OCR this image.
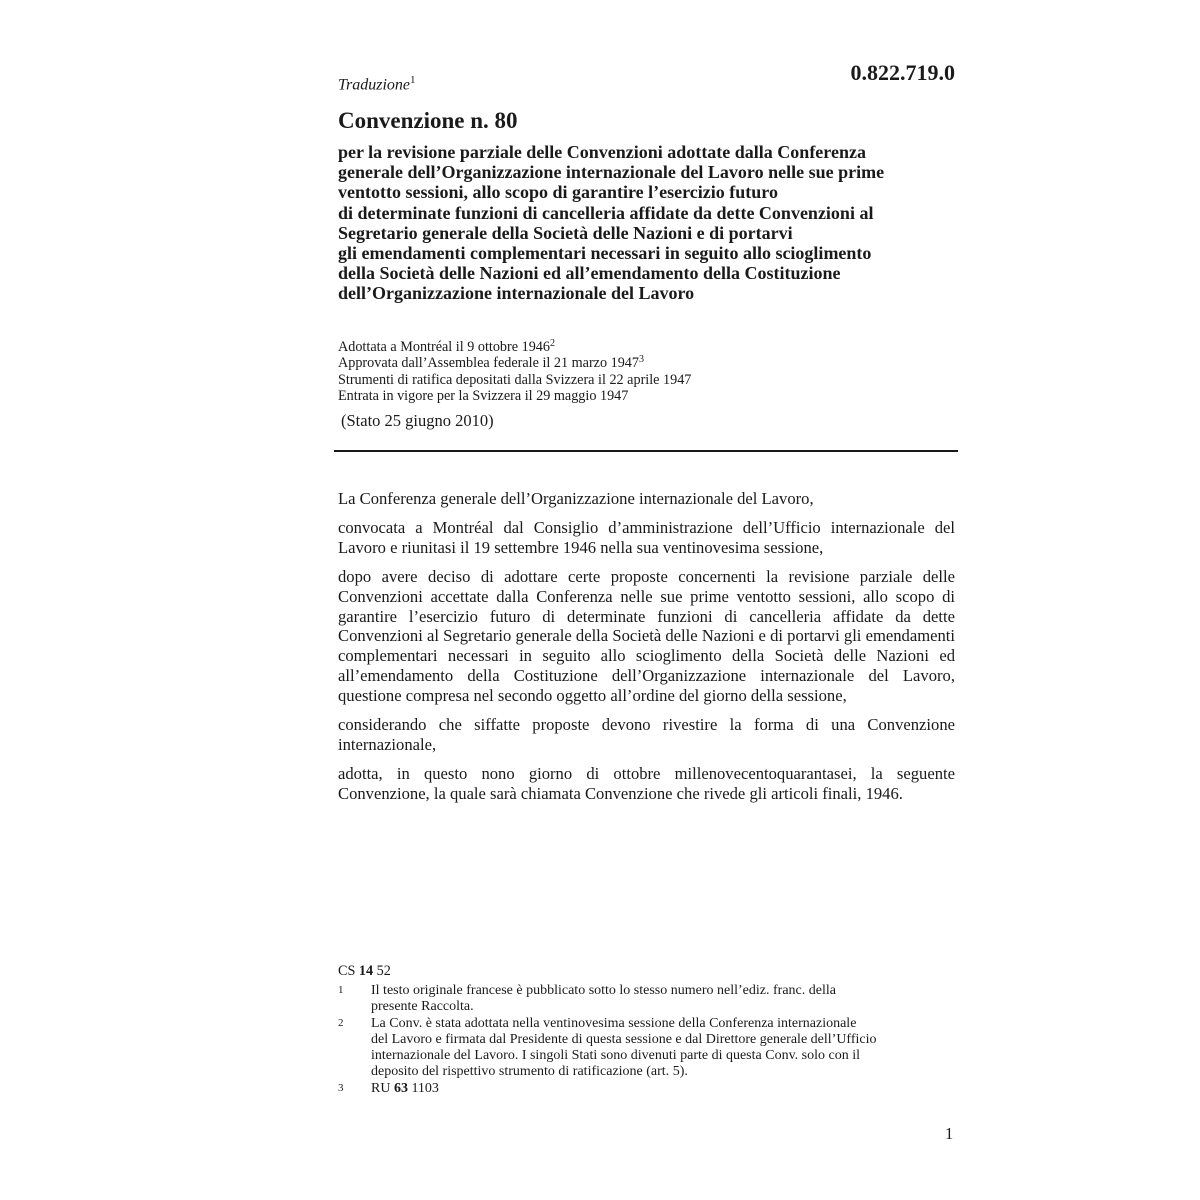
Traduzione$^1$	0.822.719.0
Convenzione n. 80
per la revisione parziale delle Convenzioni adottate dalla Conferenza
generale dell’Organizzazione internazionale del Lavoro nelle sue prime
ventotto sessioni, allo scopo di garantire l’esercizio futuro
di determinate funzioni di cancelleria affidate da dette Convenzioni al
Segretario generale della Società delle Nazioni e di portarvi
gli emendamenti complementari necessari in seguito allo scioglimento
della Società delle Nazioni ed all’emendamento della Costituzione
dell’Organizzazione internazionale del Lavoro
Adottata a Montréal il 9 ottobre 1946$^2$
Approvata dall’Assemblea federale il 21 marzo 1947$^3$
Strumenti di ratifica depositati dalla Svizzera il 22 aprile 1947
Entrata in vigore per la Svizzera il 29 maggio 1947
(Stato 25 giugno 2010)

La Conferenza generale dell’Organizzazione internazionale del Lavoro,

convocata a Montréal dal Consiglio d’amministrazione dell’Ufficio internazionale del Lavoro e riunitasi il 19 settembre 1946 nella sua ventinovesima sessione,

dopo avere deciso di adottare certe proposte concernenti la revisione parziale delle Convenzioni accettate dalla Conferenza nelle sue prime ventotto sessioni, allo scopo di garantire l’esercizio futuro di determinate funzioni di cancelleria affidate da dette Convenzioni al Segretario generale della Società delle Nazioni e di portarvi gli emendamenti complementari necessari in seguito allo scioglimento della Società delle Nazioni ed all’emendamento della Costituzione dell’Organizzazione internazionale del Lavoro, questione compresa nel secondo oggetto all’ordine del giorno della sessione,

considerando che siffatte proposte devono rivestire la forma di una Convenzione internazionale,

adotta, in questo nono giorno di ottobre millenovecentoquarantasei, la seguente Convenzione, la quale sarà chiamata Convenzione che rivede gli articoli finali, 1946.

CS 14 52
1	Il testo originale francese è pubblicato sotto lo stesso numero nell’ediz. franc. della
presente Raccolta.
2	La Conv. è stata adottata nella ventinovesima sessione della Conferenza internazionale
del Lavoro e firmata dal Presidente di questa sessione e dal Direttore generale dell’Ufficio
internazionale del Lavoro. I singoli Stati sono divenuti parte di questa Conv. solo con il
deposito del rispettivo strumento di ratificazione (art. 5).
3	RU 63 1103
1
